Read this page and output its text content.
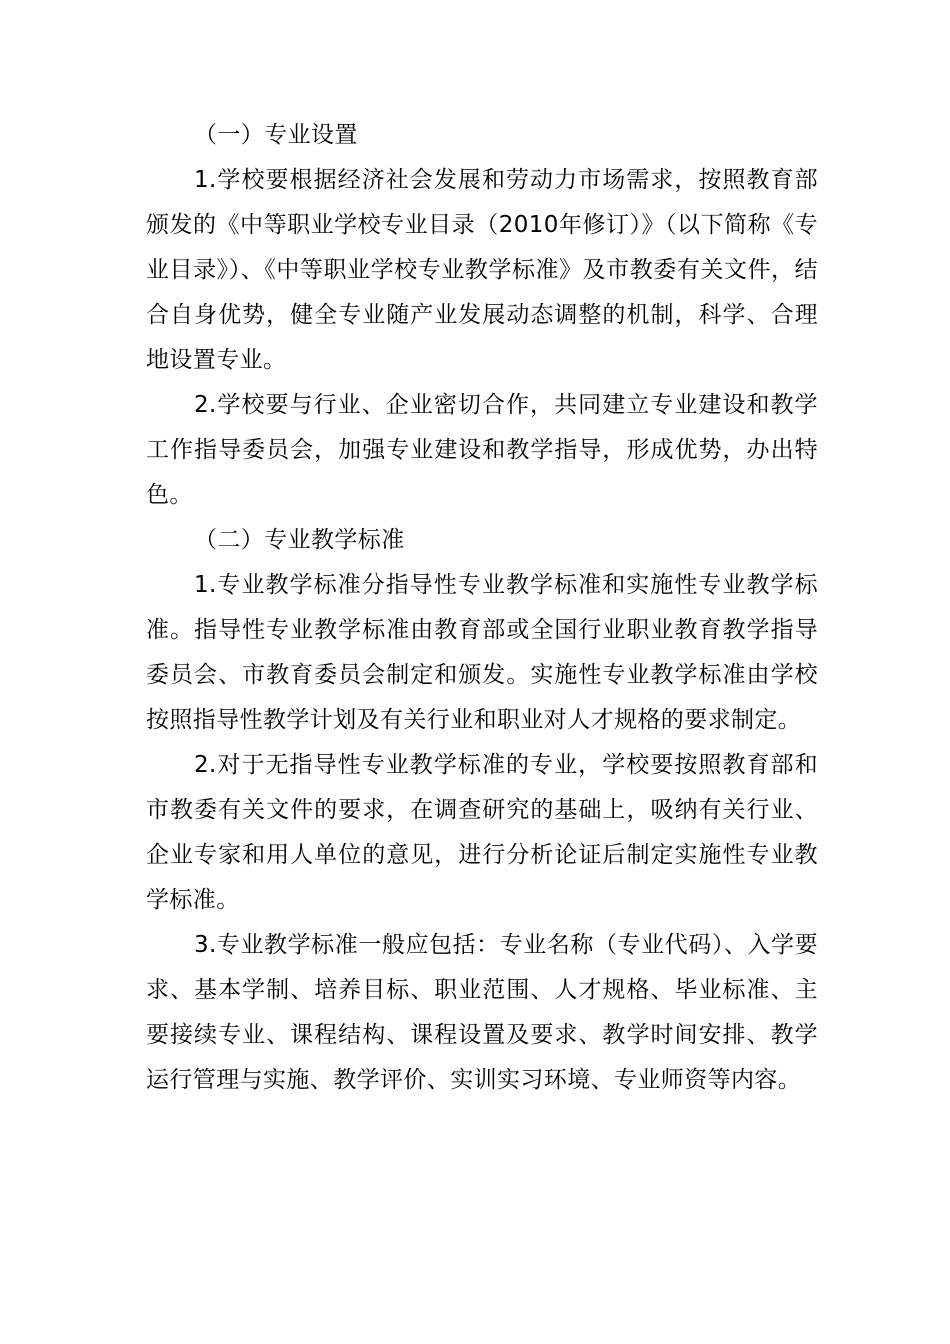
（一）专业设置

1.学校要根据经济社会发展和劳动力市场需求，按照教育部颁发的《中等职业学校专业目录（2010年修订）》（以下简称《专业目录》）、《中等职业学校专业教学标准》及市教委有关文件，结合自身优势，健全专业随产业发展动态调整的机制，科学、合理地设置专业。

2.学校要与行业、企业密切合作，共同建立专业建设和教学工作指导委员会，加强专业建设和教学指导，形成优势，办出特色。

（二）专业教学标准

1.专业教学标准分指导性专业教学标准和实施性专业教学标准。指导性专业教学标准由教育部或全国行业职业教育教学指导委员会、市教育委员会制定和颁发。实施性专业教学标准由学校按照指导性教学计划及有关行业和职业对人才规格的要求制定。

2.对于无指导性专业教学标准的专业，学校要按照教育部和市教委有关文件的要求，在调查研究的基础上，吸纳有关行业、企业专家和用人单位的意见，进行分析论证后制定实施性专业教学标准。

3.专业教学标准一般应包括：专业名称（专业代码）、入学要求、基本学制、培养目标、职业范围、人才规格、毕业标准、主要接续专业、课程结构、课程设置及要求、教学时间安排、教学运行管理与实施、教学评价、实训实习环境、专业师资等内容。
